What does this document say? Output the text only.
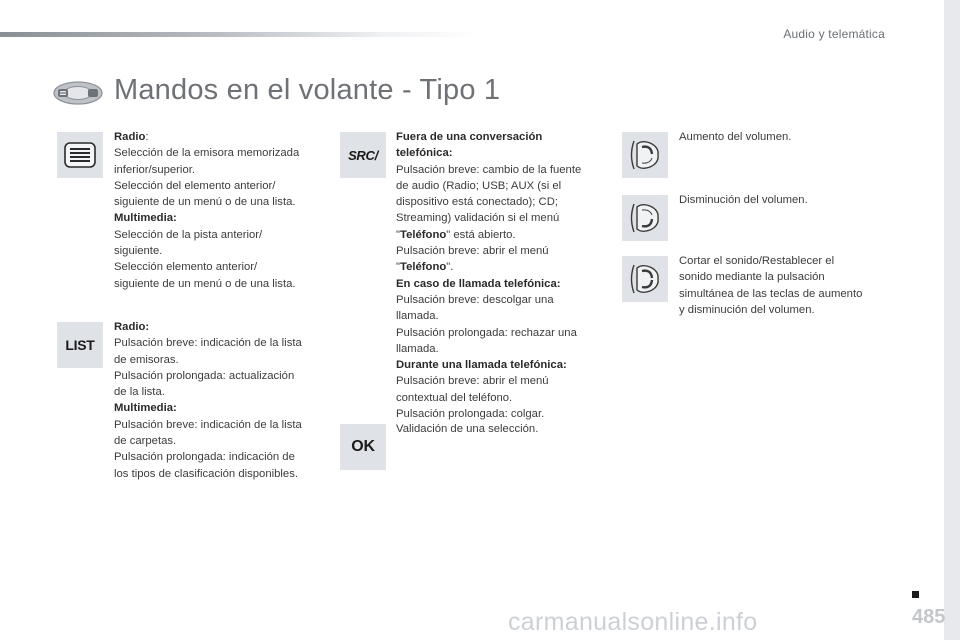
Audio y telemática
Mandos en el volante - Tipo 1
Radio:
Selección de la emisora memorizada
inferior/superior.
Selección del elemento anterior/
siguiente de un menú o de una lista.
Multimedia:
Selección de la pista anterior/
siguiente.
Selección elemento anterior/
siguiente de un menú o de una lista.
LIST
Radio:
Pulsación breve: indicación de la lista
de emisoras.
Pulsación prolongada: actualización
de la lista.
Multimedia:
Pulsación breve: indicación de la lista
de carpetas.
Pulsación prolongada: indicación de
los tipos de clasificación disponibles.
SRC/
Fuera de una conversación
telefónica:
Pulsación breve: cambio de la fuente
de audio (Radio; USB; AUX (si el
dispositivo está conectado); CD;
Streaming) validación si el menú
"Teléfono" está abierto.
Pulsación breve: abrir el menú
"Teléfono".
En caso de llamada telefónica:
Pulsación breve: descolgar una
llamada.
Pulsación prolongada: rechazar una
llamada.
Durante una llamada telefónica:
Pulsación breve: abrir el menú
contextual del teléfono.
Pulsación prolongada: colgar.
OK
Validación de una selección.
Aumento del volumen.
Disminución del volumen.
Cortar el sonido/Restablecer el
sonido mediante la pulsación
simultánea de las teclas de aumento
y disminución del volumen.
carmanualsonline.info	485
